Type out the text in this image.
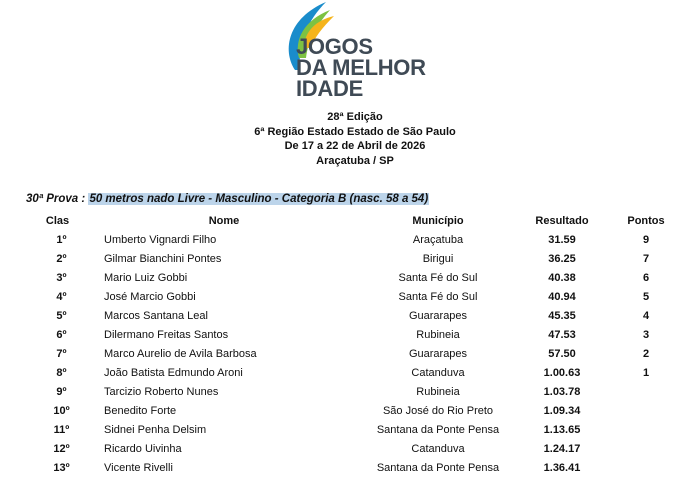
JOGOS
DA MELHOR
IDADE
28ª Edição
6ª Região Estado Estado de São Paulo
De 17 a 22 de Abril de 2026
Araçatuba / SP
30ª Prova : 50 metros nado Livre - Masculino - Categoria B (nasc. 58 a 54)
Clas	Nome	Município	Resultado	Pontos
1º	Umberto Vignardi Filho	Araçatuba	31.59	9
2º	Gilmar Bianchini Pontes	Birigui	36.25	7
3º	Mario Luiz Gobbi	Santa Fé do Sul	40.38	6
4º	José Marcio Gobbi	Santa Fé do Sul	40.94	5
5º	Marcos Santana Leal	Guararapes	45.35	4
6º	Dilermano Freitas Santos	Rubineia	47.53	3
7º	Marco Aurelio de Avila Barbosa	Guararapes	57.50	2
8º	João Batista Edmundo Aroni	Catanduva	1.00.63	1
9º	Tarcizio Roberto Nunes	Rubineia	1.03.78	
10º	Benedito Forte	São José do Rio Preto	1.09.34	
11º	Sidnei Penha Delsim	Santana da Ponte Pensa	1.13.65	
12º	Ricardo Uivinha	Catanduva	1.24.17	
13º	Vicente Rivelli	Santana da Ponte Pensa	1.36.41	
